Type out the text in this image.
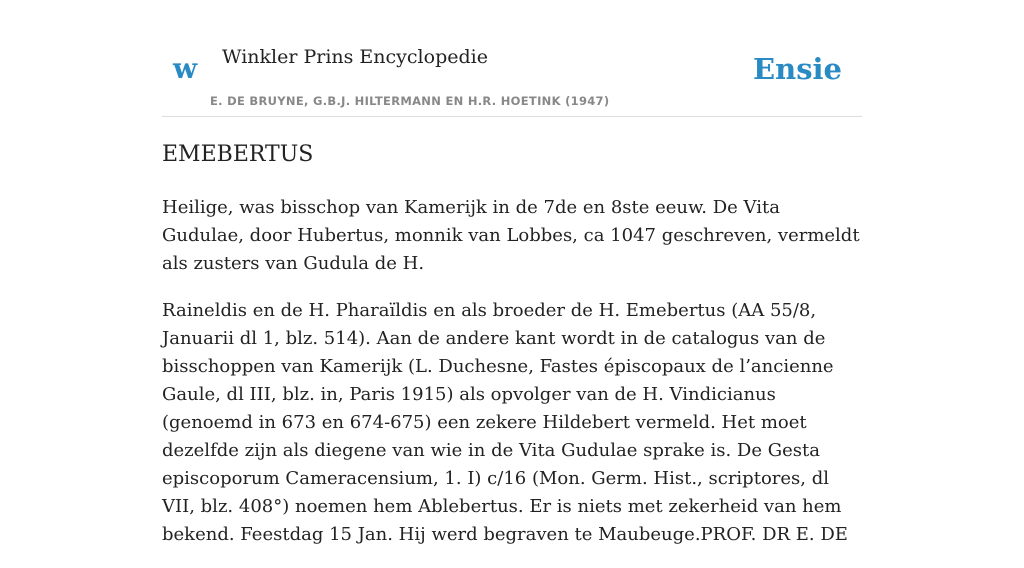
w Winkler Prins Encyclopedie
E. DE BRUYNE, G.B.J. HILTERMANN EN H.R. HOETINK (1947)
Ensie
EMEBERTUS

Heilige, was bisschop van Kamerijk in de 7de en 8ste eeuw. De Vita Gudulae, door Hubertus, monnik van Lobbes, ca 1047 geschreven, vermeldt als zusters van Gudula de H.

Raineldis en de H. Pharaïldis en als broeder de H. Emebertus (AA 55/8, Januarii dl 1, blz. 514). Aan de andere kant wordt in de catalogus van de bisschoppen van Kamerijk (L. Duchesne, Fastes épiscopaux de l’ancienne Gaule, dl III, blz. in, Paris 1915) als opvolger van de H. Vindicianus (genoemd in 673 en 674-675) een zekere Hildebert vermeld. Het moet dezelfde zijn als diegene van wie in de Vita Gudulae sprake is. De Gesta episcoporum Cameracensium, 1. I) c/16 (Mon. Germ. Hist., scriptores, dl VII, blz. 408°) noemen hem Ablebertus. Er is niets met zekerheid van hem bekend. Feestdag 15 Jan. Hij werd begraven te Maubeuge.PROF. DR E. DE
